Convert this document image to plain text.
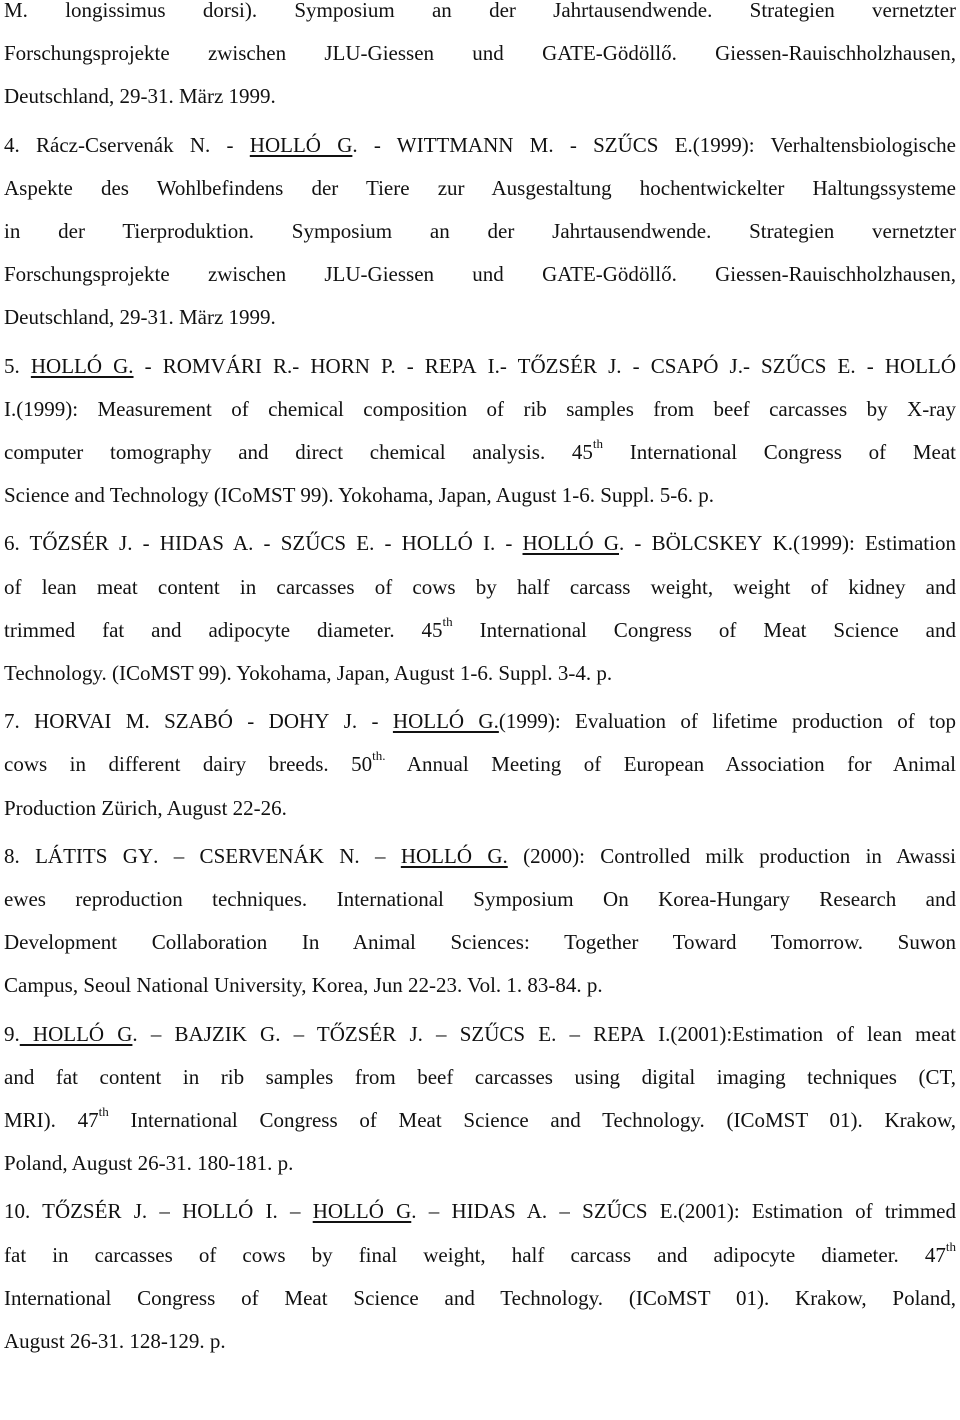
M. longissimus dorsi). Symposium an der Jahrtausendwende. Strategien vernetzter
Forschungsprojekte zwischen JLU-Giessen und GATE-Gödöllő. Giessen-Rauischholzhausen,
Deutschland, 29-31. März 1999.
4. Rácz-Cservenák N. - HOLLÓ G. - WITTMANN M. - SZŰCS E.(1999): Verhaltensbiologische
Aspekte des Wohlbefindens der Tiere zur Ausgestaltung hochentwickelter Haltungssysteme
in der Tierproduktion. Symposium an der Jahrtausendwende. Strategien vernetzter
Forschungsprojekte zwischen JLU-Giessen und GATE-Gödöllő. Giessen-Rauischholzhausen,
Deutschland, 29-31. März 1999.
5. HOLLÓ G. - ROMVÁRI R.- HORN P. - REPA I.- TŐZSÉR J. - CSAPÓ J.- SZŰCS E. - HOLLÓ
I.(1999): Measurement of chemical composition of rib samples from beef carcasses by X-ray
computer tomography and direct chemical analysis. 45th International Congress of Meat
Science and Technology (ICoMST 99). Yokohama, Japan, August 1-6. Suppl. 5-6. p.
6. TŐZSÉR J. - HIDAS A. - SZŰCS E. - HOLLÓ I. - HOLLÓ G. - BÖLCSKEY K.(1999): Estimation
of lean meat content in carcasses of cows by half carcass weight, weight of kidney and
trimmed fat and adipocyte diameter. 45th International Congress of Meat Science and
Technology. (ICoMST 99). Yokohama, Japan, August 1-6. Suppl. 3-4. p.
7. HORVAI M. SZABÓ - DOHY J. - HOLLÓ G.(1999): Evaluation of lifetime production of top
cows in different dairy breeds. $50^{th.}$ Annual Meeting of European Association for Animal
Production Zürich, August 22-26.
8. LÁTITS GY. – CSERVENÁK N. – HOLLÓ G. (2000): Controlled milk production in Awassi
ewes reproduction techniques. International Symposium On Korea-Hungary Research and
Development Collaboration In Animal Sciences: Together Toward Tomorrow. Suwon
Campus, Seoul National University, Korea, Jun 22-23. Vol. 1. 83-84. p.
9. HOLLÓ G. – BAJZIK G. – TŐZSÉR J. – SZŰCS E. – REPA I.(2001):Estimation of lean meat
and fat content in rib samples from beef carcasses using digital imaging techniques (CT,
MRI). 47th International Congress of Meat Science and Technology. (ICoMST 01). Krakow,
Poland, August 26-31. 180-181. p.
10. TŐZSÉR J. – HOLLÓ I. – HOLLÓ G. – HIDAS A. – SZŰCS E.(2001): Estimation of trimmed
fat in carcasses of cows by final weight, half carcass and adipocyte diameter. 47th
International Congress of Meat Science and Technology. (ICoMST 01). Krakow, Poland,
August 26-31. 128-129. p.
